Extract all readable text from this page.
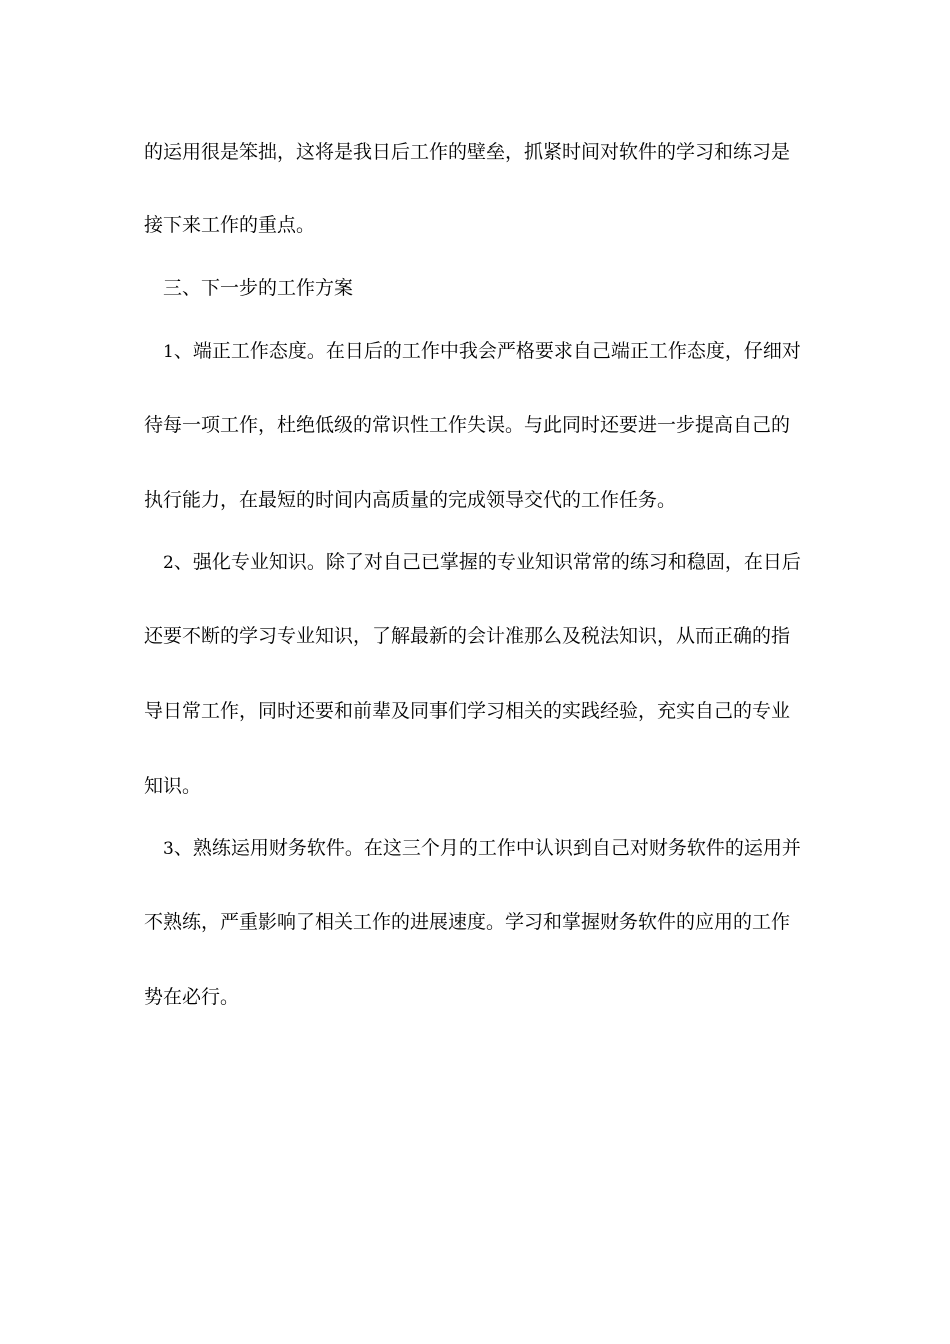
的运用很是笨拙，这将是我日后工作的壁垒，抓紧时间对软件的学习和练习是
接下来工作的重点。
三、下一步的工作方案
1、端正工作态度。在日后的工作中我会严格要求自己端正工作态度，仔细对
待每一项工作，杜绝低级的常识性工作失误。与此同时还要进一步提高自己的
执行能力，在最短的时间内高质量的完成领导交代的工作任务。
2、强化专业知识。除了对自己已掌握的专业知识常常的练习和稳固，在日后
还要不断的学习专业知识，了解最新的会计准那么及税法知识，从而正确的指
导日常工作，同时还要和前辈及同事们学习相关的实践经验，充实自己的专业
知识。
3、熟练运用财务软件。在这三个月的工作中认识到自己对财务软件的运用并
不熟练，严重影响了相关工作的进展速度。学习和掌握财务软件的应用的工作
势在必行。
